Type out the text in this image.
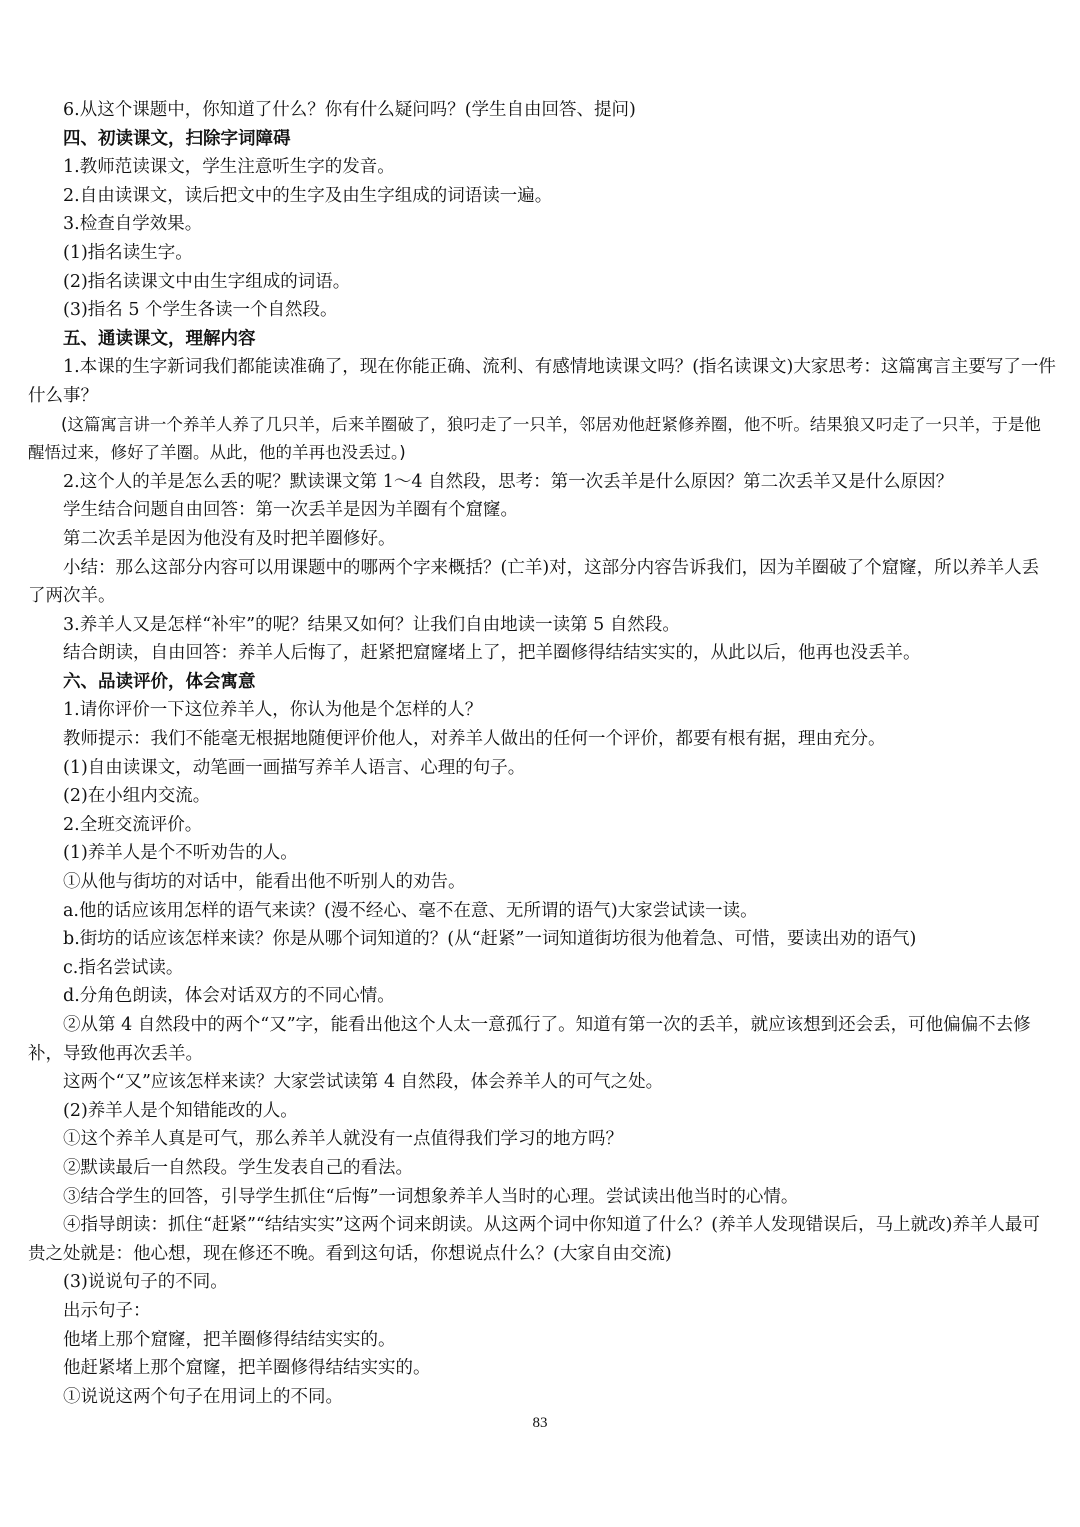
6.从这个课题中，你知道了什么？你有什么疑问吗？(学生自由回答、提问)

四、初读课文，扫除字词障碍

1.教师范读课文，学生注意听生字的发音。

2.自由读课文，读后把文中的生字及由生字组成的词语读一遍。

3.检查自学效果。

(1)指名读生字。

(2)指名读课文中由生字组成的词语。

(3)指名 5 个学生各读一个自然段。

五、通读课文，理解内容

1.本课的生字新词我们都能读准确了，现在你能正确、流利、有感情地读课文吗？(指名读课文)大家思考：这篇寓言主要写了一件什么事？

(这篇寓言讲一个养羊人养了几只羊，后来羊圈破了，狼叼走了一只羊，邻居劝他赶紧修养圈，他不听。结果狼又叼走了一只羊，于是他醒悟过来，修好了羊圈。从此，他的羊再也没丢过。)

2.这个人的羊是怎么丢的呢？默读课文第 1～4 自然段，思考：第一次丢羊是什么原因？第二次丢羊又是什么原因？

学生结合问题自由回答：第一次丢羊是因为羊圈有个窟窿。

第二次丢羊是因为他没有及时把羊圈修好。

小结：那么这部分内容可以用课题中的哪两个字来概括？(亡羊)对，这部分内容告诉我们，因为羊圈破了个窟窿，所以养羊人丢了两次羊。

3.养羊人又是怎样“补牢”的呢？结果又如何？让我们自由地读一读第 5 自然段。

结合朗读，自由回答：养羊人后悔了，赶紧把窟窿堵上了，把羊圈修得结结实实的，从此以后，他再也没丢羊。

六、品读评价，体会寓意

1.请你评价一下这位养羊人，你认为他是个怎样的人？

教师提示：我们不能毫无根据地随便评价他人，对养羊人做出的任何一个评价，都要有根有据，理由充分。

(1)自由读课文，动笔画一画描写养羊人语言、心理的句子。

(2)在小组内交流。

2.全班交流评价。

(1)养羊人是个不听劝告的人。

①从他与街坊的对话中，能看出他不听别人的劝告。

a.他的话应该用怎样的语气来读？(漫不经心、毫不在意、无所谓的语气)大家尝试读一读。

b.街坊的话应该怎样来读？你是从哪个词知道的？(从“赶紧”一词知道街坊很为他着急、可惜，要读出劝的语气)

c.指名尝试读。

d.分角色朗读，体会对话双方的不同心情。

②从第 4 自然段中的两个“又”字，能看出他这个人太一意孤行了。知道有第一次的丢羊，就应该想到还会丢，可他偏偏不去修补，导致他再次丢羊。

这两个“又”应该怎样来读？大家尝试读第 4 自然段，体会养羊人的可气之处。

(2)养羊人是个知错能改的人。

①这个养羊人真是可气，那么养羊人就没有一点值得我们学习的地方吗？

②默读最后一自然段。学生发表自己的看法。

③结合学生的回答，引导学生抓住“后悔”一词想象养羊人当时的心理。尝试读出他当时的心情。

④指导朗读：抓住“赶紧”“结结实实”这两个词来朗读。从这两个词中你知道了什么？(养羊人发现错误后，马上就改)养羊人最可贵之处就是：他心想，现在修还不晚。看到这句话，你想说点什么？(大家自由交流)

(3)说说句子的不同。

出示句子：

他堵上那个窟窿，把羊圈修得结结实实的。

他赶紧堵上那个窟窿，把羊圈修得结结实实的。

①说说这两个句子在用词上的不同。

83
